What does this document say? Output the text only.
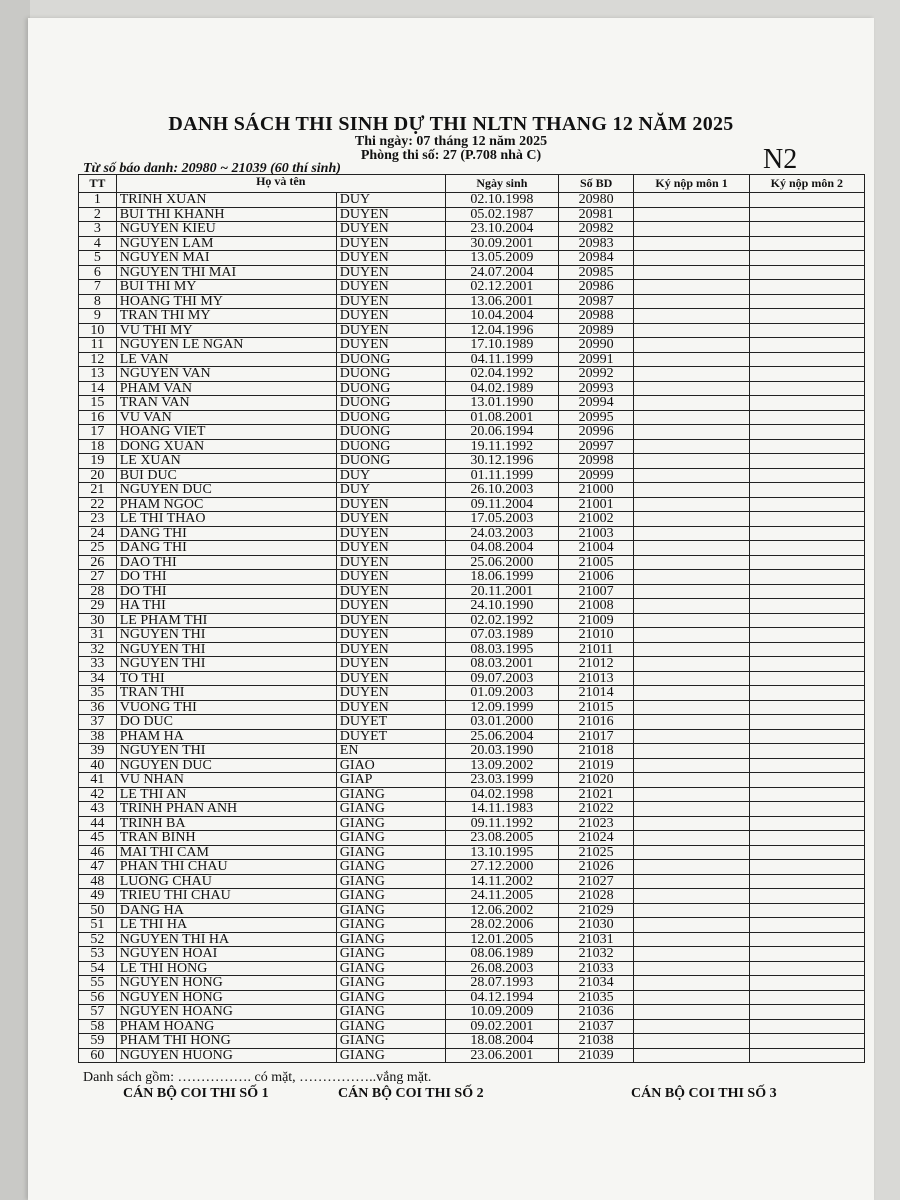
DANH SÁCH THI SINH DỰ THI NLTN THANG 12 NĂM 2025
Thi ngày: 07 tháng 12 năm 2025
Phòng thi số: 27 (P.708 nhà C)
Từ số báo danh: 20980 ~ 21039 (60 thí sinh)	N2
TT	Họ và tên		Ngày sinh	Số BD	Ký nộp môn 1	Ký nộp môn 2
1	TRINH XUAN	DUY	02.10.1998	20980		
2	BUI THI KHANH	DUYEN	05.02.1987	20981		
3	NGUYEN KIEU	DUYEN	23.10.2004	20982		
4	NGUYEN LAM	DUYEN	30.09.2001	20983		
5	NGUYEN MAI	DUYEN	13.05.2009	20984		
6	NGUYEN THI MAI	DUYEN	24.07.2004	20985		
7	BUI THI MY	DUYEN	02.12.2001	20986		
8	HOANG THI MY	DUYEN	13.06.2001	20987		
9	TRAN THI MY	DUYEN	10.04.2004	20988		
10	VU THI MY	DUYEN	12.04.1996	20989		
11	NGUYEN LE NGAN	DUYEN	17.10.1989	20990		
12	LE VAN	DUONG	04.11.1999	20991		
13	NGUYEN VAN	DUONG	02.04.1992	20992		
14	PHAM VAN	DUONG	04.02.1989	20993		
15	TRAN VAN	DUONG	13.01.1990	20994		
16	VU VAN	DUONG	01.08.2001	20995		
17	HOANG VIET	DUONG	20.06.1994	20996		
18	DONG XUAN	DUONG	19.11.1992	20997		
19	LE XUAN	DUONG	30.12.1996	20998		
20	BUI DUC	DUY	01.11.1999	20999		
21	NGUYEN DUC	DUY	26.10.2003	21000		
22	PHAM NGOC	DUYEN	09.11.2004	21001		
23	LE THI THAO	DUYEN	17.05.2003	21002		
24	DANG THI	DUYEN	24.03.2003	21003		
25	DANG THI	DUYEN	04.08.2004	21004		
26	DAO THI	DUYEN	25.06.2000	21005		
27	DO THI	DUYEN	18.06.1999	21006		
28	DO THI	DUYEN	20.11.2001	21007		
29	HA THI	DUYEN	24.10.1990	21008		
30	LE PHAM THI	DUYEN	02.02.1992	21009		
31	NGUYEN THI	DUYEN	07.03.1989	21010		
32	NGUYEN THI	DUYEN	08.03.1995	21011		
33	NGUYEN THI	DUYEN	08.03.2001	21012		
34	TO THI	DUYEN	09.07.2003	21013		
35	TRAN THI	DUYEN	01.09.2003	21014		
36	VUONG THI	DUYEN	12.09.1999	21015		
37	DO DUC	DUYET	03.01.2000	21016		
38	PHAM HA	DUYET	25.06.2004	21017		
39	NGUYEN THI	EN	20.03.1990	21018		
40	NGUYEN DUC	GIAO	13.09.2002	21019		
41	VU NHAN	GIAP	23.03.1999	21020		
42	LE THI AN	GIANG	04.02.1998	21021		
43	TRINH PHAN ANH	GIANG	14.11.1983	21022		
44	TRINH BA	GIANG	09.11.1992	21023		
45	TRAN BINH	GIANG	23.08.2005	21024		
46	MAI THI CAM	GIANG	13.10.1995	21025		
47	PHAN THI CHAU	GIANG	27.12.2000	21026		
48	LUONG CHAU	GIANG	14.11.2002	21027		
49	TRIEU THI CHAU	GIANG	24.11.2005	21028		
50	DANG HA	GIANG	12.06.2002	21029		
51	LE THI HA	GIANG	28.02.2006	21030		
52	NGUYEN THI HA	GIANG	12.01.2005	21031		
53	NGUYEN HOAI	GIANG	08.06.1989	21032		
54	LE THI HONG	GIANG	26.08.2003	21033		
55	NGUYEN HONG	GIANG	28.07.1993	21034		
56	NGUYEN HONG	GIANG	04.12.1994	21035		
57	NGUYEN HOANG	GIANG	10.09.2009	21036		
58	PHAM HOANG	GIANG	09.02.2001	21037		
59	PHAM THI HONG	GIANG	18.08.2004	21038		
60	NGUYEN HUONG	GIANG	23.06.2001	21039		
Danh sách gồm: ……………. có mặt, ……………..vắng mặt.
CÁN BỘ COI THI SỐ 1	CÁN BỘ COI THI SỐ 2	CÁN BỘ COI THI SỐ 3
